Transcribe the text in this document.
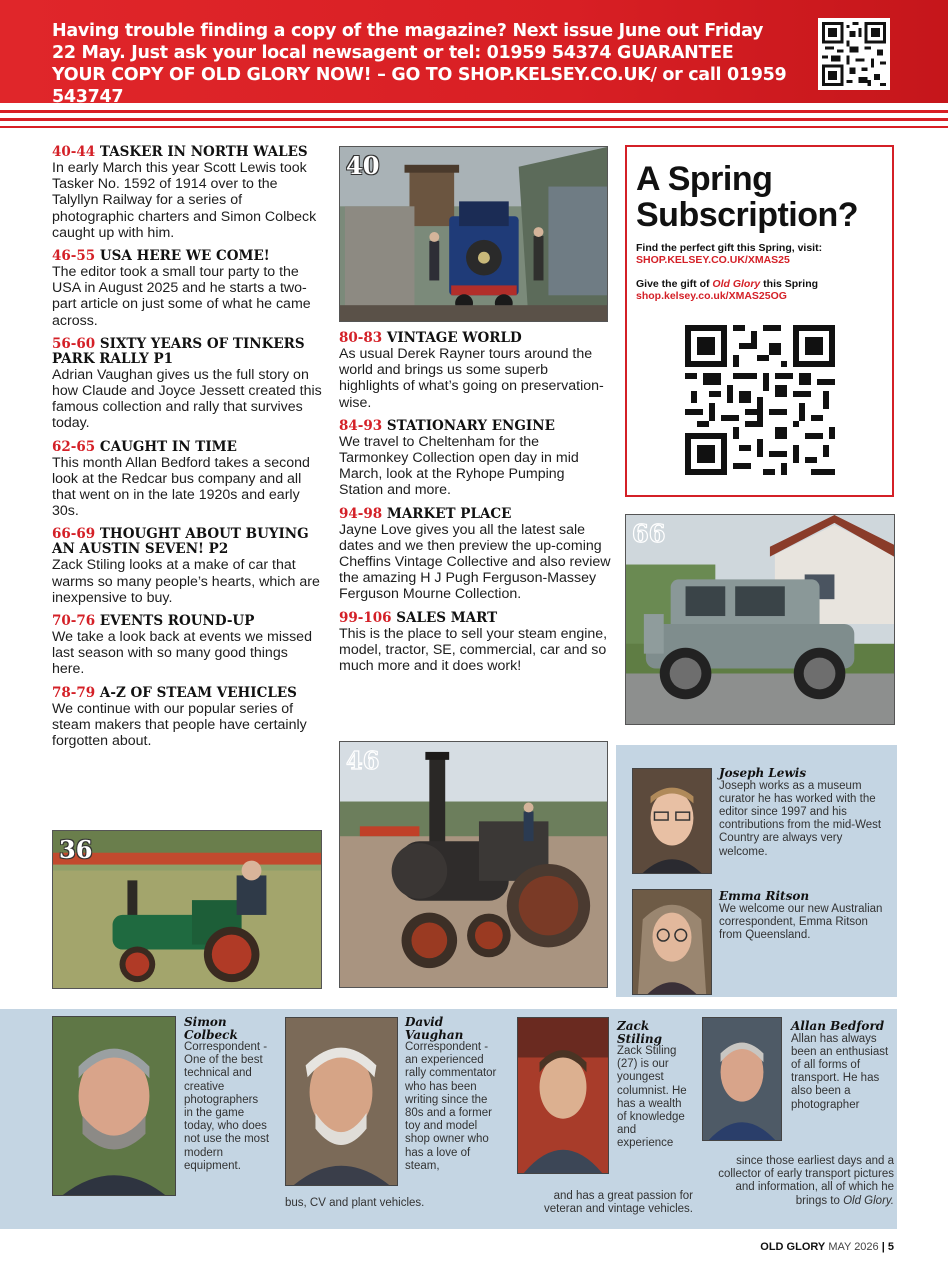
Having trouble finding a copy of the magazine? Next issue June out Friday 22 May. Just ask your local newsagent or tel: 01959 54374 GUARANTEE YOUR COPY OF OLD GLORY NOW! – GO TO SHOP.KELSEY.CO.UK/ or call 01959 543747
40-44 TASKER IN NORTH WALES
In early March this year Scott Lewis took Tasker No. 1592 of 1914 over to the Talyllyn Railway for a series of photographic charters and Simon Colbeck caught up with him.
46-55 USA HERE WE COME!
The editor took a small tour party to the USA in August 2025 and he starts a two-part article on just some of what he came across.
56-60 SIXTY YEARS OF TINKERS PARK RALLY P1
Adrian Vaughan gives us the full story on how Claude and Joyce Jessett created this famous collection and rally that survives today.
62-65 CAUGHT IN TIME
This month Allan Bedford takes a second look at the Redcar bus company and all that went on in the late 1920s and early 30s.
66-69 THOUGHT ABOUT BUYING AN AUSTIN SEVEN! P2
Zack Stiling looks at a make of car that warms so many people’s hearts, which are inexpensive to buy.
70-76 EVENTS ROUND-UP
We take a look back at events we missed last season with so many good things here.
78-79 A-Z OF STEAM VEHICLES
We continue with our popular series of steam makers that people have certainly forgotten about.
80-83 VINTAGE WORLD
As usual Derek Rayner tours around the world and brings us some superb highlights of what’s going on preservation-wise.
84-93 STATIONARY ENGINE
We travel to Cheltenham for the Tarmonkey Collection open day in mid March, look at the Ryhope Pumping Station and more.
94-98 MARKET PLACE
Jayne Love gives you all the latest sale dates and we then preview the up-coming Cheffins Vintage Collective and also review the amazing H J Pugh Ferguson-Massey Ferguson Mourne Collection.
99-106 SALES MART
This is the place to sell your steam engine, model, tractor, SE, commercial, car and so much more and it does work!
40	A Spring Subscription?
Find the perfect gift this Spring, visit:
SHOP.KELSEY.CO.UK/XMAS25
Give the gift of Old Glory this Spring
shop.kelsey.co.uk/XMAS25OG
66
46
36
Joseph Lewis
Joseph works as a museum curator he has worked with the editor since 1997 and his contributions from the mid-West Country are always very welcome.
Emma Ritson
We welcome our new Australian correspondent, Emma Ritson from Queensland.
Simon Colbeck
Correspondent - One of the best technical and creative photographers in the game today, who does not use the most modern equipment.
David Vaughan
Correspondent - an experienced rally commentator who has been writing since the 80s and a former toy and model shop owner who has a love of steam,
bus, CV and plant vehicles.
Zack Stiling
Zack Stiling (27) is our youngest columnist. He has a wealth of knowledge and experience
and has a great passion for veteran and vintage vehicles.
Allan Bedford
Allan has always been an enthusiast of all forms of transport. He has also been a photographer
since those earliest days and a collector of early transport pictures and information, all of which he brings to Old Glory.
OLD GLORY MAY 2026 | 5
